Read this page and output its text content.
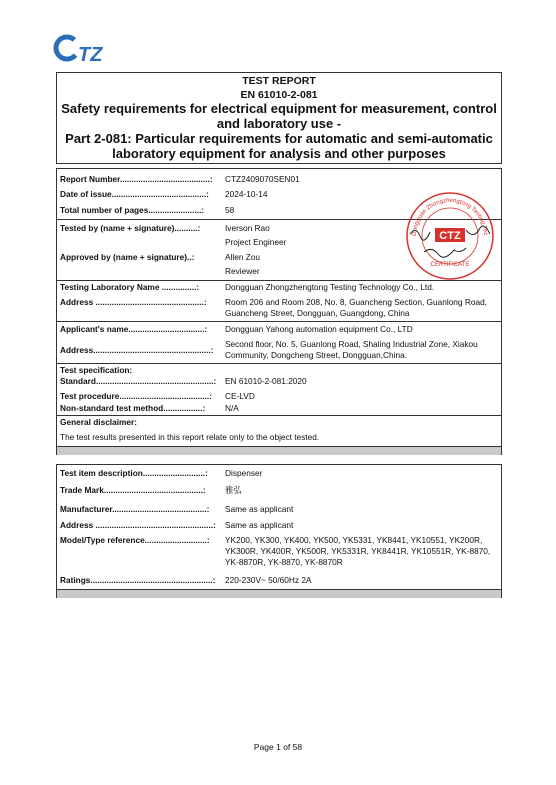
TZ
TEST REPORT
EN 61010-2-081
Safety requirements for electrical equipment for measurement, control
and laboratory use -
Part 2-081: Particular requirements for automatic and semi-automatic
laboratory equipment for analysis and other purposes
Report Number.......................................:	CTZ2409070SEN01
Date of issue.........................................:	2024-10-14
Total number of pages.......................:	58
Tested by (name + signature)..........:	Iverson Rao
Project Engineer
Approved by (name + signature)..:	Allen Zou
Reviewer
Testing Laboratory Name ...............:	Dongguan Zhongzhengtong Testing Technology Co., Ltd.
Address ...............................................:	Room 206 and Room 208, No. 8, Guancheng Section, Guanlong Road, Guancheng Street, Dongguan, Guangdong, China
Applicant's name.................................:	Dongguan Yahong automation equipment Co., LTD
Address...................................................:
Second floor, No. 5, Guanlong Road, Shaling Industrial Zone, Xiakou Community, Dongcheng Street, Dongguan,China.
Test specification:
Standard...................................................:	EN 61010-2-081:2020
Test procedure.......................................:	CE-LVD
Non-standard test method.................:	N/A
General disclaimer:
The test results presented in this report relate only to the object tested.
Dongguan Zhongzhengtong Testing Tec
CTZ
CERTIFICATE
Test item description...........................:	Dispenser
Trade Mark...........................................:	雅弘
Manufacturer.........................................:	Same as applicant
Address ...................................................:	Same as applicant
Model/Type reference...........................:	YK200, YK300, YK400, YK500, YK5331, YK8441, YK10551, YK200R, YK300R, YK400R, YK500R, YK5331R, YK8441R, YK10551R, YK-8870, YK-8870R, YK-8870, YK-8870R
Ratings.....................................................:	220-230V~ 50/60Hz 2A
Page 1 of 58
